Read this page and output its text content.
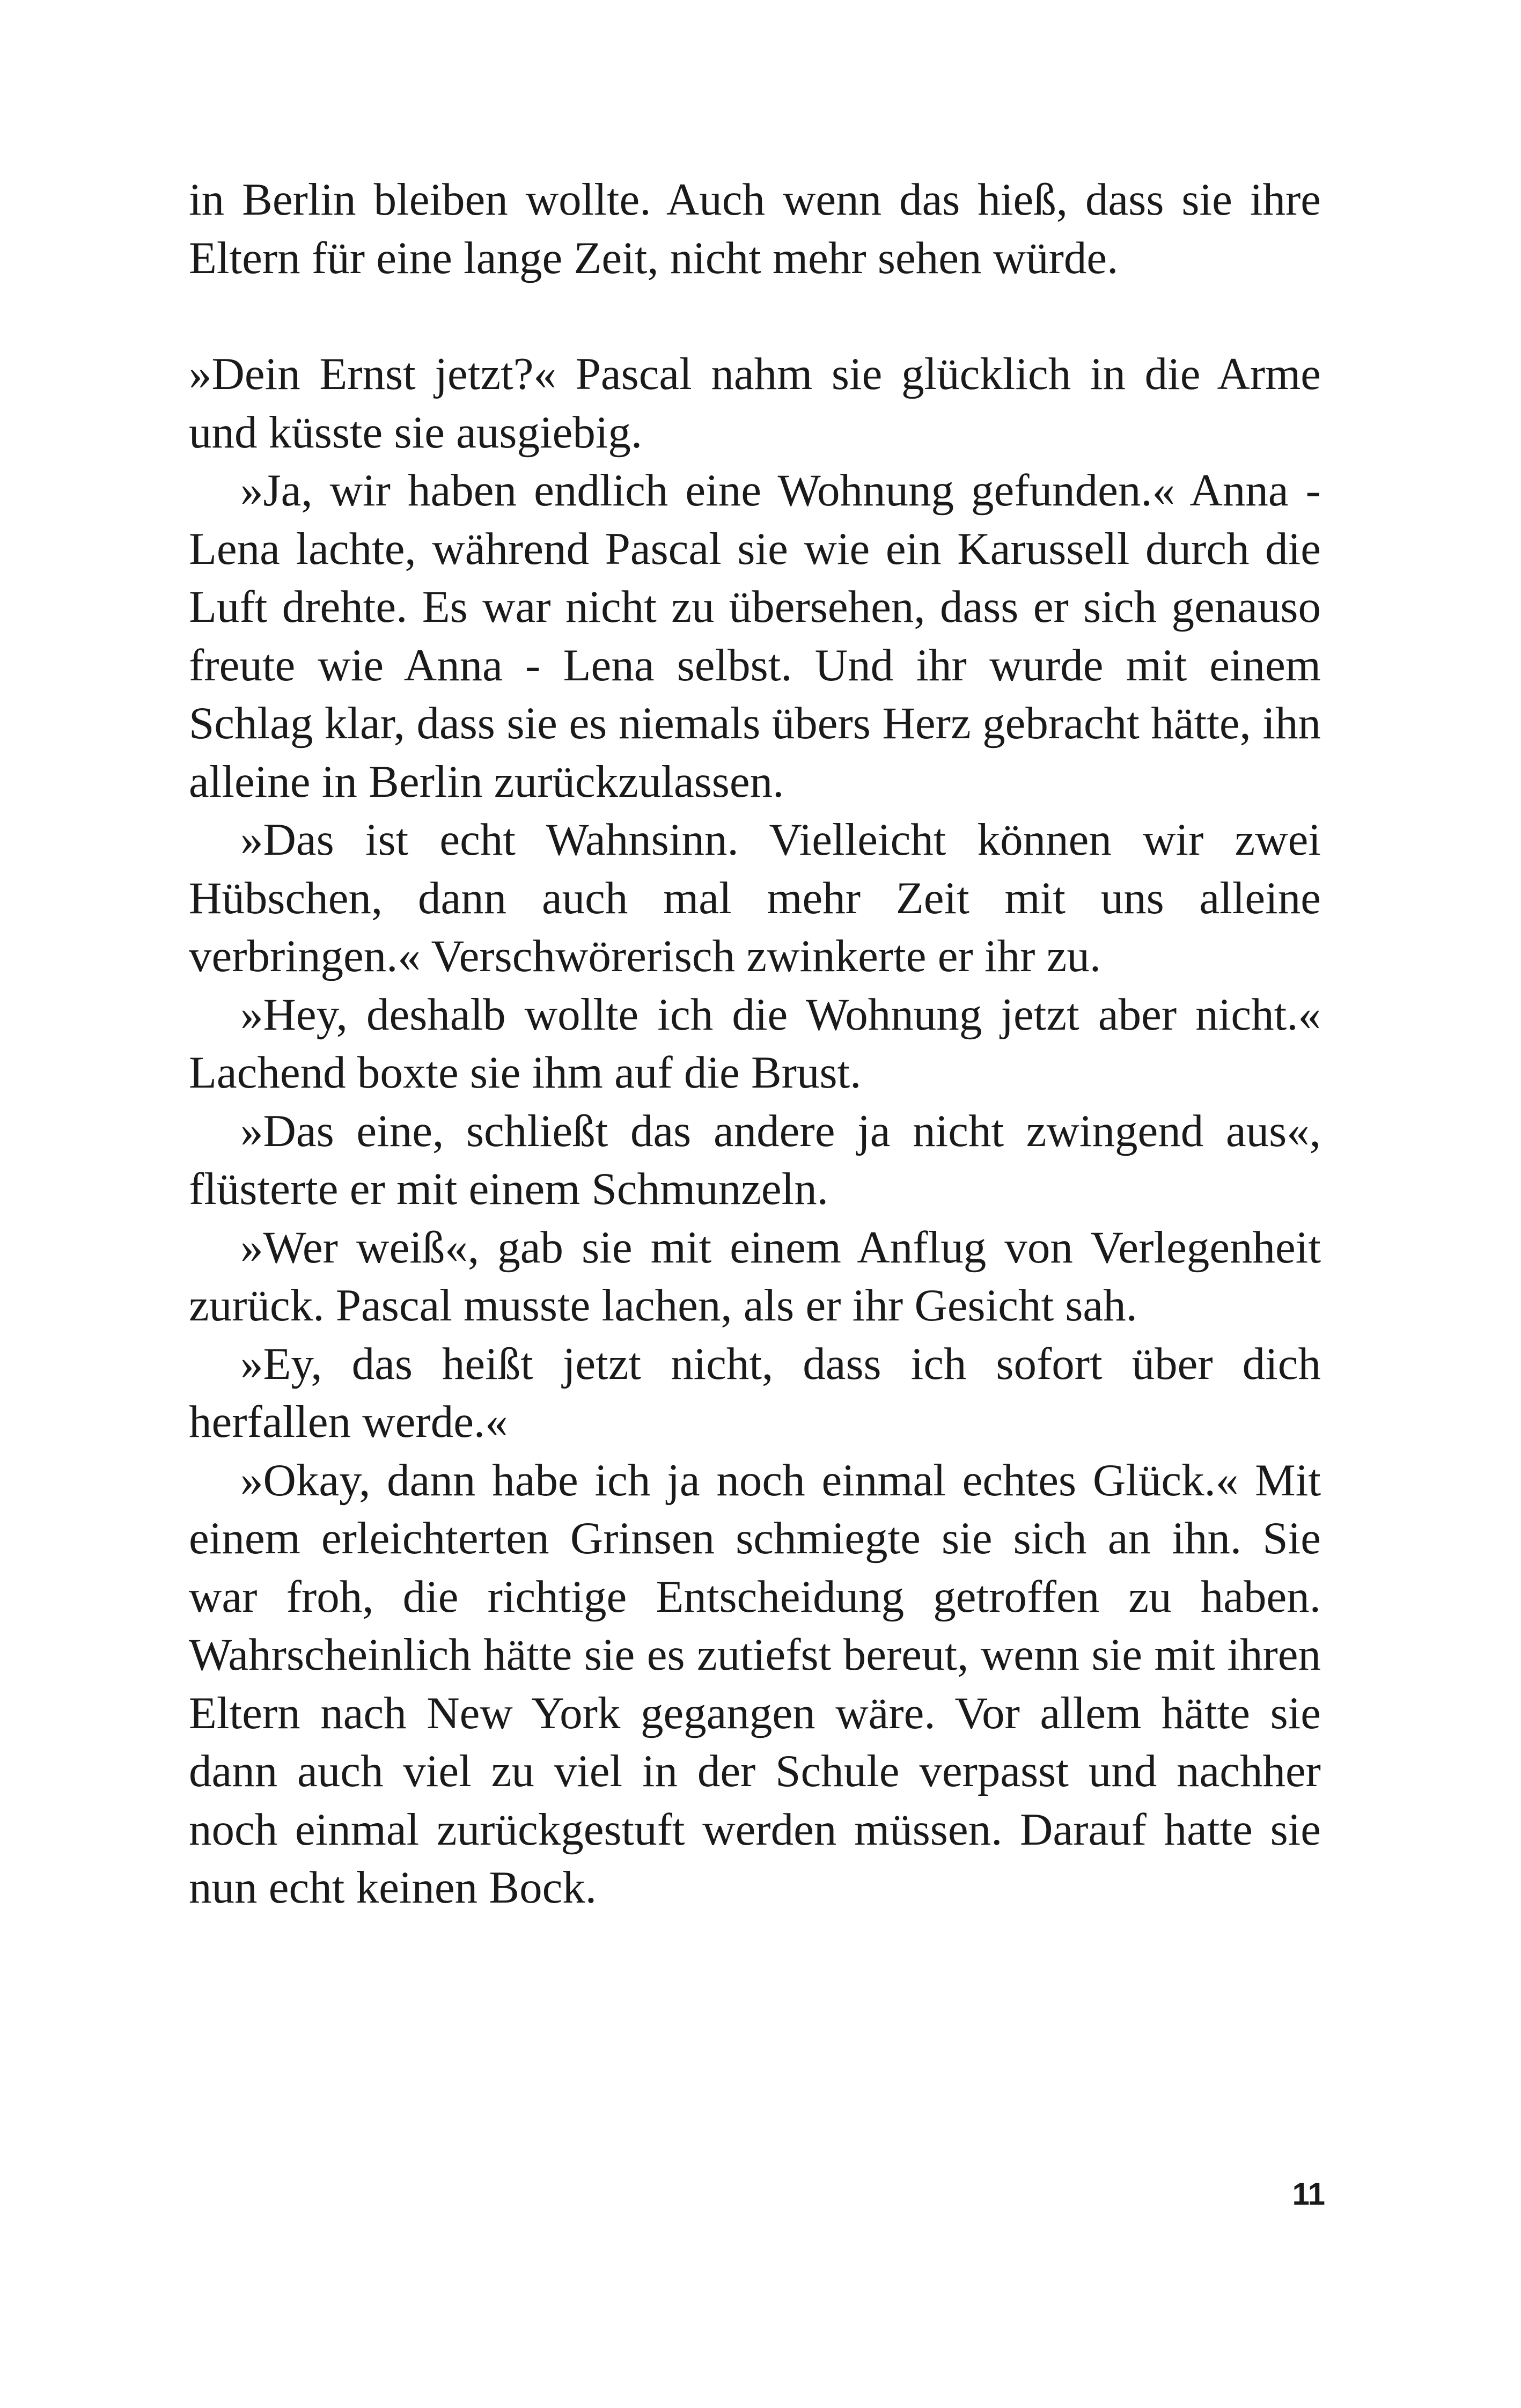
in Berlin bleiben wollte. Auch wenn das hieß, dass sie ihre Eltern für eine lange Zeit, nicht mehr sehen würde.

»Dein Ernst jetzt?« Pascal nahm sie glücklich in die Arme und küsste sie ausgiebig.

»Ja, wir haben endlich eine Wohnung gefunden.« Anna - Lena lachte, während Pascal sie wie ein Karussell durch die Luft drehte. Es war nicht zu übersehen, dass er sich genauso freute wie Anna - Lena selbst. Und ihr wurde mit einem Schlag klar, dass sie es niemals übers Herz gebracht hätte, ihn alleine in Berlin zurückzulassen.

»Das ist echt Wahnsinn. Vielleicht können wir zwei Hübschen, dann auch mal mehr Zeit mit uns alleine verbringen.« Verschwörerisch zwinkerte er ihr zu.

»Hey, deshalb wollte ich die Wohnung jetzt aber nicht.« Lachend boxte sie ihm auf die Brust.

»Das eine, schließt das andere ja nicht zwingend aus«, flüsterte er mit einem Schmunzeln.

»Wer weiß«, gab sie mit einem Anflug von Verlegenheit zurück. Pascal musste lachen, als er ihr Gesicht sah.

»Ey, das heißt jetzt nicht, dass ich sofort über dich herfallen werde.«

»Okay, dann habe ich ja noch einmal echtes Glück.« Mit einem erleichterten Grinsen schmiegte sie sich an ihn. Sie war froh, die richtige Entscheidung getroffen zu haben. Wahrscheinlich hätte sie es zutiefst bereut, wenn sie mit ihren Eltern nach New York gegangen wäre. Vor allem hätte sie dann auch viel zu viel in der Schule verpasst und nachher noch einmal zurückgestuft werden müssen. Darauf hatte sie nun echt keinen Bock.

11
